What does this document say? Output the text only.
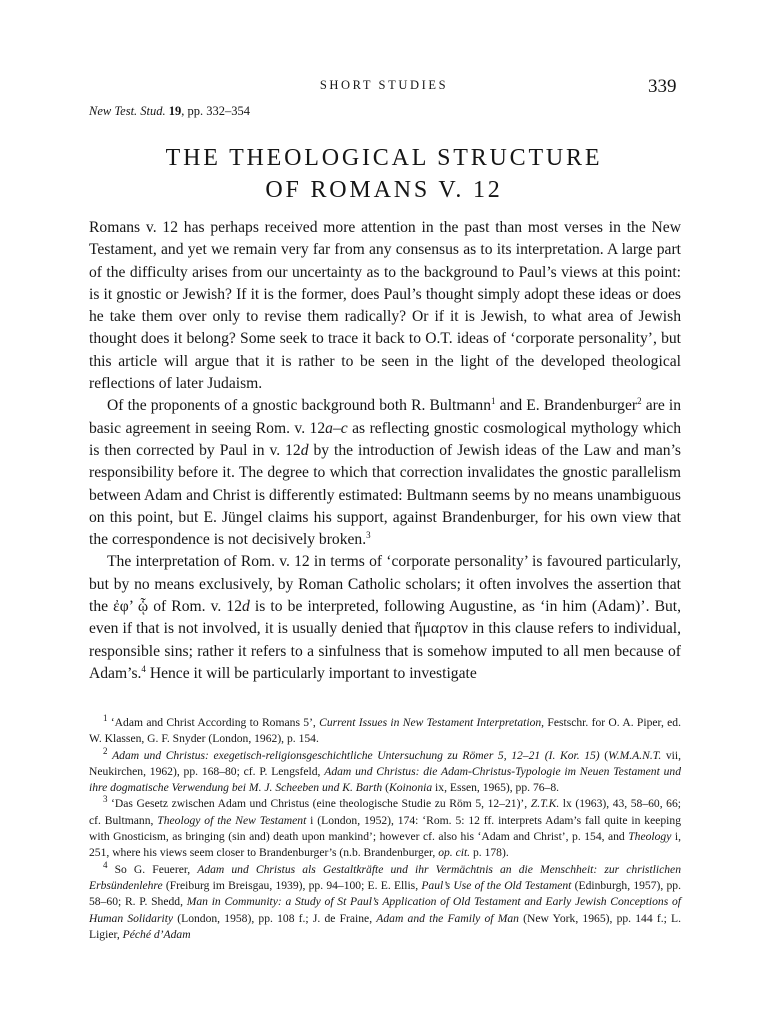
SHORT STUDIES	339
New Test. Stud. 19, pp. 332–354
THE THEOLOGICAL STRUCTURE
OF ROMANS V. 12

Romans v. 12 has perhaps received more attention in the past than most verses in the New Testament, and yet we remain very far from any consensus as to its interpretation. A large part of the difficulty arises from our uncertainty as to the background to Paul’s views at this point: is it gnostic or Jewish? If it is the former, does Paul’s thought simply adopt these ideas or does he take them over only to revise them radically? Or if it is Jewish, to what area of Jewish thought does it belong? Some seek to trace it back to O.T. ideas of ‘corporate personality’, but this article will argue that it is rather to be seen in the light of the developed theological reflections of later Judaism.

Of the proponents of a gnostic background both R. Bultmann$^1$ and E. Brandenburger$^2$ are in basic agreement in seeing Rom. v. 12a–c as reflecting gnostic cosmological mythology which is then corrected by Paul in v. 12d by the introduction of Jewish ideas of the Law and man’s responsibility before it. The degree to which that correction invalidates the gnostic parallelism between Adam and Christ is differently estimated: Bultmann seems by no means unambiguous on this point, but E. Jüngel claims his support, against Brandenburger, for his own view that the correspondence is not decisively broken.$^3$

The interpretation of Rom. v. 12 in terms of ‘corporate personality’ is favoured particularly, but by no means exclusively, by Roman Catholic scholars; it often involves the assertion that the ἐφ’ ᾧ of Rom. v. 12d is to be interpreted, following Augustine, as ‘in him (Adam)’. But, even if that is not involved, it is usually denied that ἥμαρτον in this clause refers to individual, responsible sins; rather it refers to a sinfulness that is somehow imputed to all men because of Adam’s.$^4$ Hence it will be particularly important to investigate

$^1$ ‘Adam and Christ According to Romans 5’, Current Issues in New Testament Interpretation, Festschr. for O. A. Piper, ed. W. Klassen, G. F. Snyder (London, 1962), p. 154.

$^2$ Adam und Christus: exegetisch-religionsgeschichtliche Untersuchung zu Römer 5, 12–21 (I. Kor. 15) (W.M.A.N.T. vii, Neukirchen, 1962), pp. 168–80; cf. P. Lengsfeld, Adam und Christus: die Adam-Christus-Typologie im Neuen Testament und ihre dogmatische Verwendung bei M. J. Scheeben und K. Barth (Koinonia ix, Essen, 1965), pp. 76–8.

$^3$ ‘Das Gesetz zwischen Adam und Christus (eine theologische Studie zu Röm 5, 12–21)’, Z.T.K. lx (1963), 43, 58–60, 66; cf. Bultmann, Theology of the New Testament i (London, 1952), 174: ‘Rom. 5: 12 ff. interprets Adam’s fall quite in keeping with Gnosticism, as bringing (sin and) death upon mankind’; however cf. also his ‘Adam and Christ’, p. 154, and Theology i, 251, where his views seem closer to Brandenburger’s (n.b. Brandenburger, op. cit. p. 178).

$^4$ So G. Feuerer, Adam und Christus als Gestaltkräfte und ihr Vermächtnis an die Menschheit: zur christlichen Erbsündenlehre (Freiburg im Breisgau, 1939), pp. 94–100; E. E. Ellis, Paul’s Use of the Old Testament (Edinburgh, 1957), pp. 58–60; R. P. Shedd, Man in Community: a Study of St Paul’s Application of Old Testament and Early Jewish Conceptions of Human Solidarity (London, 1958), pp. 108 f.; J. de Fraine, Adam and the Family of Man (New York, 1965), pp. 144 f.; L. Ligier, Péché d’Adam
